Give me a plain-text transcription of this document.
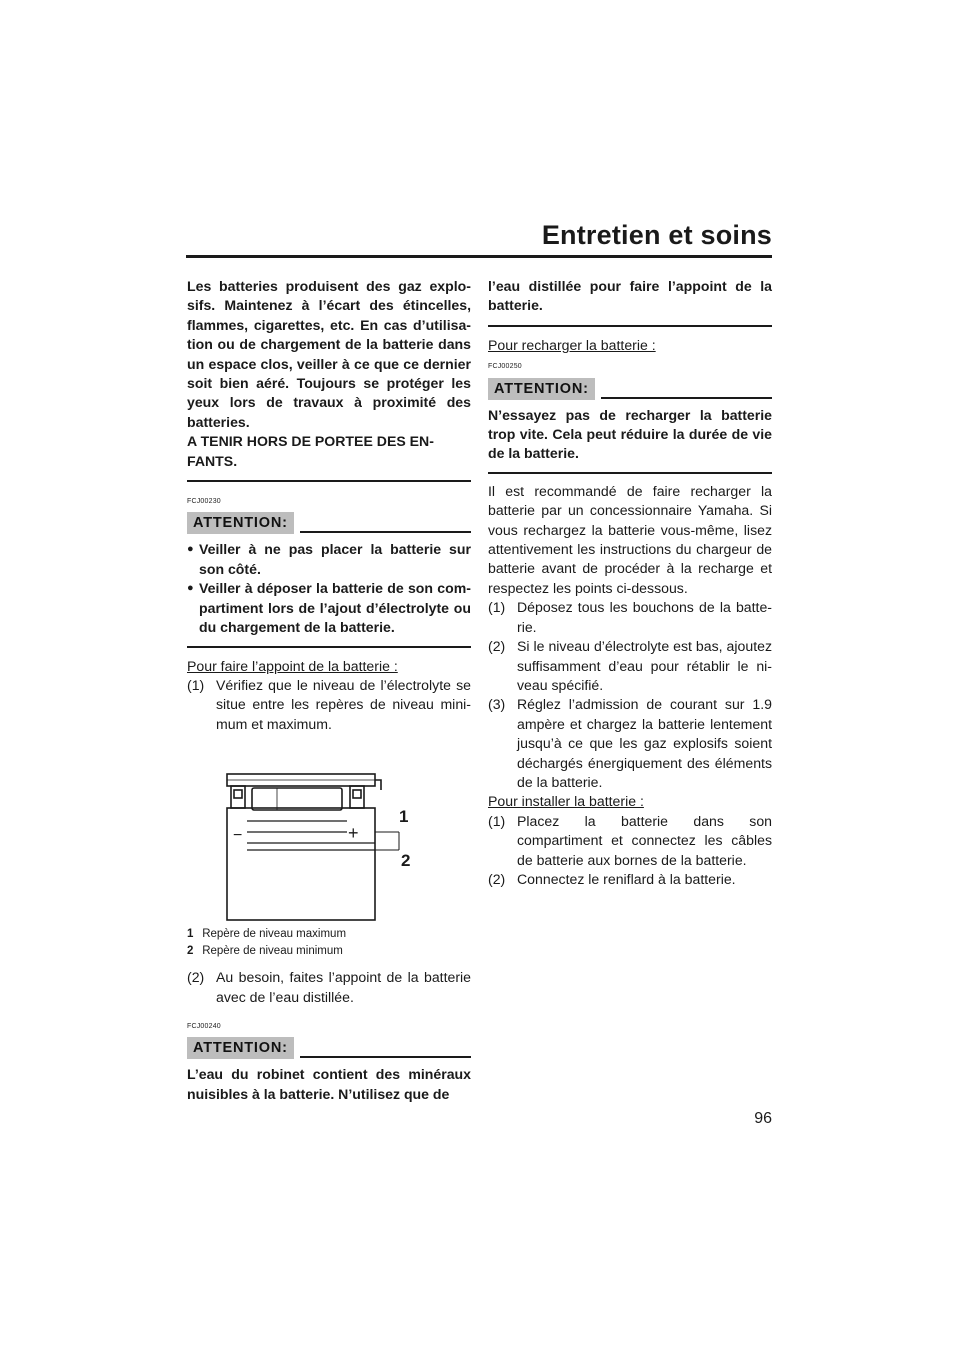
Entretien et soins

Les batteries produisent des gaz explosifs. Maintenez à l’écart des étincelles, flammes, cigarettes, etc. En cas d’utilisation ou de chargement de la batterie dans un espace clos, veiller à ce que ce dernier soit bien aéré. Toujours se protéger les yeux lors de travaux à proximité des batteries.

A TENIR HORS DE PORTEE DES ENFANTS.

FCJ00230
ATTENTION:
● Veiller à ne pas placer la batterie sur son côté.
● Veiller à déposer la batterie de son compartiment lors de l’ajout d’électrolyte ou du chargement de la batterie.

Pour faire l’appoint de la batterie :

(1) Vérifiez que le niveau de l’électrolyte se situe entre les repères de niveau minimum et maximum.
−	+
1
2
1 Repère de niveau maximum
2 Repère de niveau minimum
(2) Au besoin, faites l’appoint de la batterie avec de l’eau distillée.
FCJ00240
ATTENTION:

L’eau du robinet contient des minéraux nuisibles à la batterie. N’utilisez que de

l’eau distillée pour faire l’appoint de la batterie.

Pour recharger la batterie :

FCJ00250
ATTENTION:

N’essayez pas de recharger la batterie trop vite. Cela peut réduire la durée de vie de la batterie.

Il est recommandé de faire recharger la batterie par un concessionnaire Yamaha. Si vous rechargez la batterie vous-même, lisez attentivement les instructions du chargeur de batterie avant de procéder à la recharge et respectez les points ci-dessous.

(1) Déposez tous les bouchons de la batterie.
(2) Si le niveau d’électrolyte est bas, ajoutez suffisamment d’eau pour rétablir le niveau spécifié.
(3) Réglez l’admission de courant sur 1.9 ampère et chargez la batterie lentement jusqu’à ce que les gaz explosifs soient déchargés énergiquement des éléments de la batterie.

Pour installer la batterie :

(1) Placez la batterie dans son compartiment et connectez les câbles de batterie aux bornes de la batterie.
(2) Connectez le reniflard à la batterie.
96
